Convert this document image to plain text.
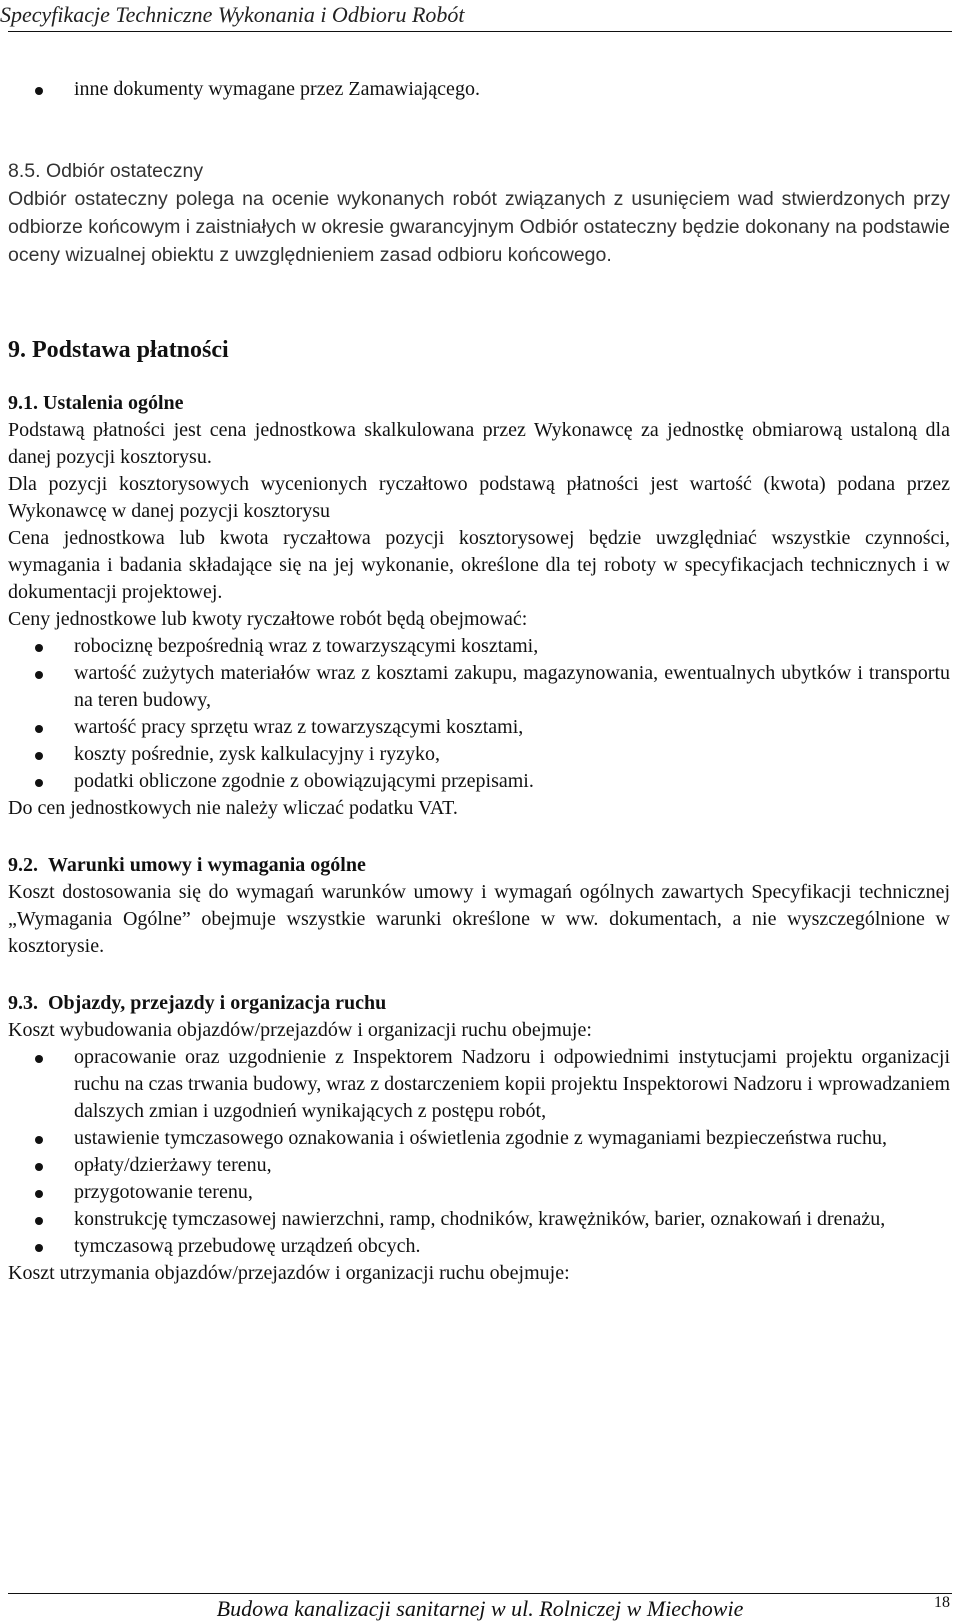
Specyfikacje Techniczne Wykonania i Odbioru Robót
inne dokumenty wymagane przez Zamawiającego.
8.5. Odbiór ostateczny
Odbiór ostateczny polega na ocenie wykonanych robót związanych z usunięciem wad stwierdzonych przy odbiorze końcowym i zaistniałych w okresie gwarancyjnym Odbiór ostateczny będzie dokonany na podstawie oceny wizualnej obiektu z uwzględnieniem zasad odbioru końcowego.
9. Podstawa płatności
9.1. Ustalenia ogólne
Podstawą płatności jest cena jednostkowa skalkulowana przez Wykonawcę za jednostkę obmiarową ustaloną dla danej pozycji kosztorysu.
Dla pozycji kosztorysowych wycenionych ryczałtowo podstawą płatności jest wartość (kwota) podana przez Wykonawcę w danej pozycji kosztorysu
Cena jednostkowa lub kwota ryczałtowa pozycji kosztorysowej będzie uwzględniać wszystkie czynności, wymagania i badania składające się na jej wykonanie, określone dla tej roboty w specyfikacjach technicznych i w dokumentacji projektowej.
Ceny jednostkowe lub kwoty ryczałtowe robót będą obejmować:
robociznę bezpośrednią wraz z towarzyszącymi kosztami,
wartość zużytych materiałów wraz z kosztami zakupu, magazynowania, ewentualnych ubytków i transportu na teren budowy,
wartość pracy sprzętu wraz z towarzyszącymi kosztami,
koszty pośrednie, zysk kalkulacyjny i ryzyko,
podatki obliczone zgodnie z obowiązującymi przepisami.
Do cen jednostkowych nie należy wliczać podatku VAT.
9.2. Warunki umowy i wymagania ogólne
Koszt dostosowania się do wymagań warunków umowy i wymagań ogólnych zawartych Specyfikacji technicznej „Wymagania Ogólne” obejmuje wszystkie warunki określone w ww. dokumentach, a nie wyszczególnione w kosztorysie.
9.3. Objazdy, przejazdy i organizacja ruchu
Koszt wybudowania objazdów/przejazdów i organizacji ruchu obejmuje:
opracowanie oraz uzgodnienie z Inspektorem Nadzoru i odpowiednimi instytucjami projektu organizacji ruchu na czas trwania budowy, wraz z dostarczeniem kopii projektu Inspektorowi Nadzoru i wprowadzaniem dalszych zmian i uzgodnień wynikających z postępu robót,
ustawienie tymczasowego oznakowania i oświetlenia zgodnie z wymaganiami bezpieczeństwa ruchu,
opłaty/dzierżawy terenu,
przygotowanie terenu,
konstrukcję tymczasowej nawierzchni, ramp, chodników, krawężników, barier, oznakowań i drenażu,
tymczasową przebudowę urządzeń obcych.
Koszt utrzymania objazdów/przejazdów i organizacji ruchu obejmuje:
Budowa kanalizacji sanitarnej w ul. Rolniczej w Miechowie	18
